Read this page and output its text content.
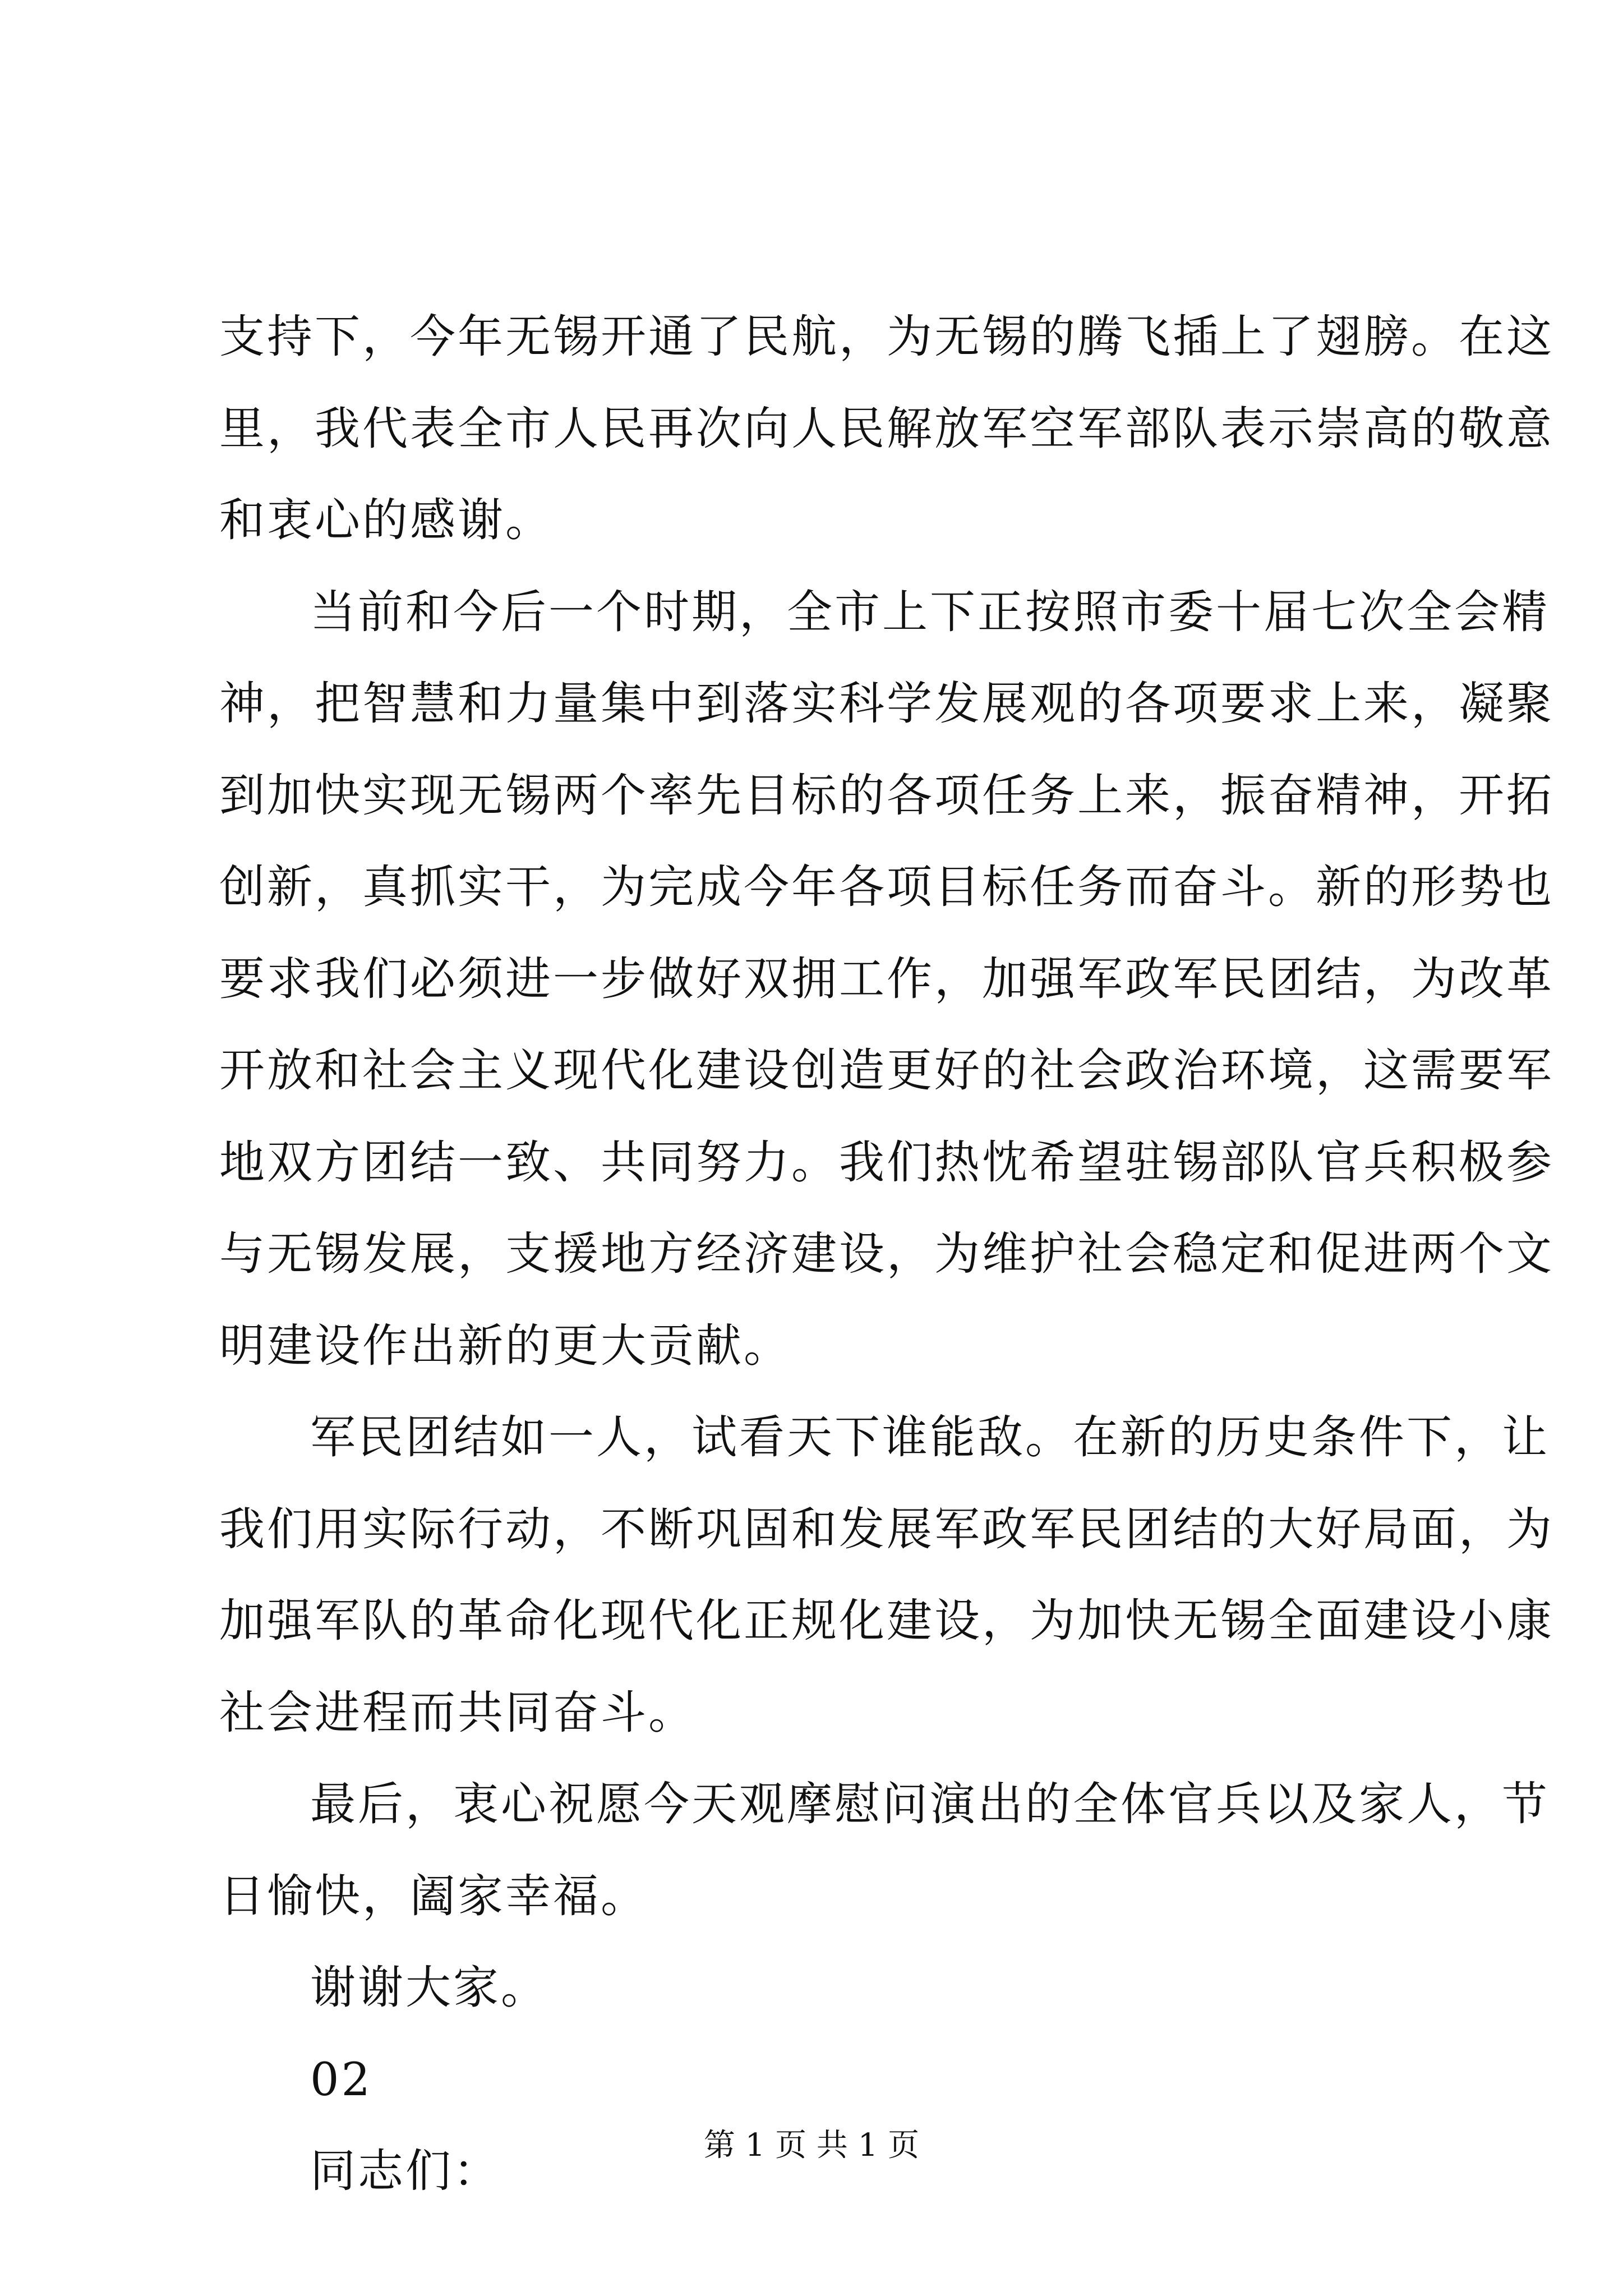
支持下，今年无锡开通了民航，为无锡的腾飞插上了翅膀。在这
里，我代表全市人民再次向人民解放军空军部队表示崇高的敬意
和衷心的感谢。
当前和今后一个时期，全市上下正按照市委十届七次全会精
神，把智慧和力量集中到落实科学发展观的各项要求上来，凝聚
到加快实现无锡两个率先目标的各项任务上来，振奋精神，开拓
创新，真抓实干，为完成今年各项目标任务而奋斗。新的形势也
要求我们必须进一步做好双拥工作，加强军政军民团结，为改革
开放和社会主义现代化建设创造更好的社会政治环境，这需要军
地双方团结一致、共同努力。我们热忱希望驻锡部队官兵积极参
与无锡发展，支援地方经济建设，为维护社会稳定和促进两个文
明建设作出新的更大贡献。
军民团结如一人，试看天下谁能敌。在新的历史条件下，让
我们用实际行动，不断巩固和发展军政军民团结的大好局面，为
加强军队的革命化现代化正规化建设，为加快无锡全面建设小康
社会进程而共同奋斗。
最后，衷心祝愿今天观摩慰问演出的全体官兵以及家人，节
日愉快，阖家幸福。
谢谢大家。
02
同志们：	第 1 页 共 1 页
